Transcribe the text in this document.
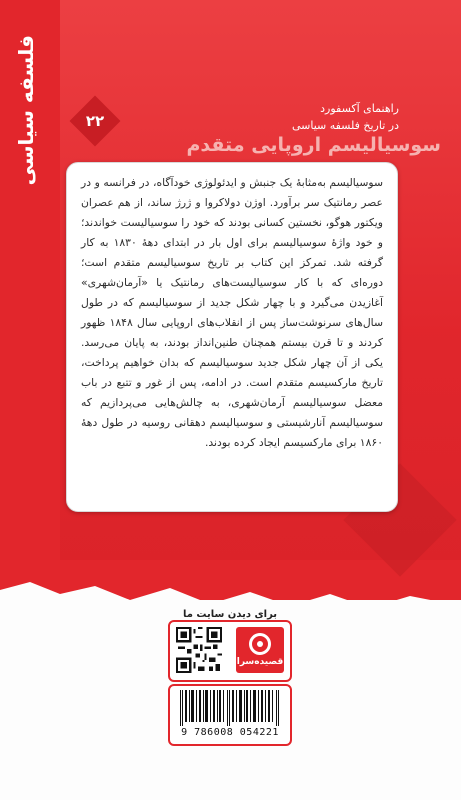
فلسفه سیاسی	۲۲
راهنمای آکسفورد
در تاریخ فلسفه سیاسی
سوسیالیسم اروپایی متقدم
سوسیالیسم به‌مثابهٔ یک جنبش و ایدئولوژی خودآگاه، در فرانسه و در عصر رمانتیک سر برآورد. اوژن دولاکروا و ژرژ ساند، از هم عصران ویکتور هوگو، نخستین کسانی بودند که خود را سوسیالیست خواندند؛ و خود واژهٔ سوسیالیسم برای اول بار در ابتدای دههٔ ۱۸۳۰ به کار گرفته شد. تمرکز این کتاب بر تاریخ سوسیالیسم متقدم است؛ دوره‌ای که با کار سوسیالیست‌های رمانتیک یا «آرمان‌شهری» آغازیدن می‌گیرد و با چهار شکل جدید از سوسیالیسم که در طول سال‌های سرنوشت‌ساز پس از انقلاب‌های اروپایی سال ۱۸۴۸ ظهور کردند و تا قرن بیستم همچنان طنین‌انداز بودند، به پایان می‌رسد. یکی از آن چهار شکل جدید سوسیالیسم که بدان خواهیم پرداخت، تاریخ مارکسیسم متقدم است. در ادامه، پس از غور و تتبع در باب معضل سوسیالیسم آرمان‌شهری، به چالش‌هایی می‌پردازیم که سوسیالیسم آنارشیستی و سوسیالیسم دهقانی روسیه در طول دههٔ ۱۸۶۰ برای مارکسیسم ایجاد کرده بودند.
برای دیدن سایت ما
قصیده‌سرا
9 786008 054221
